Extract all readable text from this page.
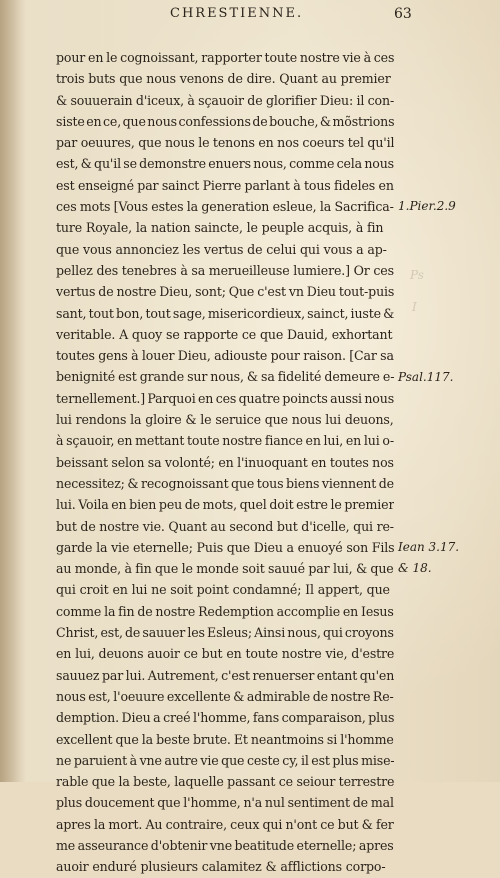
CHRESTIENNE.	63
pour en le cognoissant, rapporter toute nostre vie à ces
trois buts que nous venons de dire. Quant au premier
& souuerain d'iceux, à sçauoir de glorifier Dieu: il con-
siste en ce, que nous confessions de bouche, & mõstrions
par oeuures, que nous le tenons en nos coeurs tel qu'il
est, & qu'il se demonstre enuers nous, comme cela nous
est enseigné par sainct Pierre parlant à tous fideles en
ces mots [Vous estes la generation esleue, la Sacrifica-
ture Royale, la nation saincte, le peuple acquis, à fin
que vous annonciez les vertus de celui qui vous a ap-
pellez des tenebres à sa merueilleuse lumiere.] Or ces
vertus de nostre Dieu, sont; Que c'est vn Dieu tout-puis
sant, tout bon, tout sage, misericordieux, sainct, iuste &
veritable. A quoy se rapporte ce que Dauid, exhortant
toutes gens à louer Dieu, adiouste pour raison. [Car sa
benignité est grande sur nous, & sa fidelité demeure e-
ternellement.] Parquoi en ces quatre poincts aussi nous
lui rendons la gloire & le seruice que nous lui deuons,
à sçauoir, en mettant toute nostre fiance en lui, en lui o-
beissant selon sa volonté; en l'inuoquant en toutes nos
necessitez; & recognoissant que tous biens viennent de
lui. Voila en bien peu de mots, quel doit estre le premier
but de nostre vie. Quant au second but d'icelle, qui re-
garde la vie eternelle; Puis que Dieu a enuoyé son Fils
au monde, à fin que le monde soit sauué par lui, & que
qui croit en lui ne soit point condamné; Il appert, que
comme la fin de nostre Redemption accomplie en Iesus
Christ, est, de sauuer les Esleus; Ainsi nous, qui croyons
en lui, deuons auoir ce but en toute nostre vie, d'estre
sauuez par lui. Autrement, c'est renuerser entant qu'en
nous est, l'oeuure excellente & admirable de nostre Re-
demption. Dieu a creé l'homme, fans comparaison, plus
excellent que la beste brute. Et neantmoins si l'homme
ne paruient à vne autre vie que ceste cy, il est plus mise-
rable que la beste, laquelle passant ce seiour terrestre
plus doucement que l'homme, n'a nul sentiment de mal
apres la mort. Au contraire, ceux qui n'ont ce but & fer
me asseurance d'obtenir vne beatitude eternelle; apres
auoir enduré plusieurs calamitez & afflictions corpo-
1.Pier.2.9
Psal.117.
Iean 3.17.
& 18.
Ps
I
